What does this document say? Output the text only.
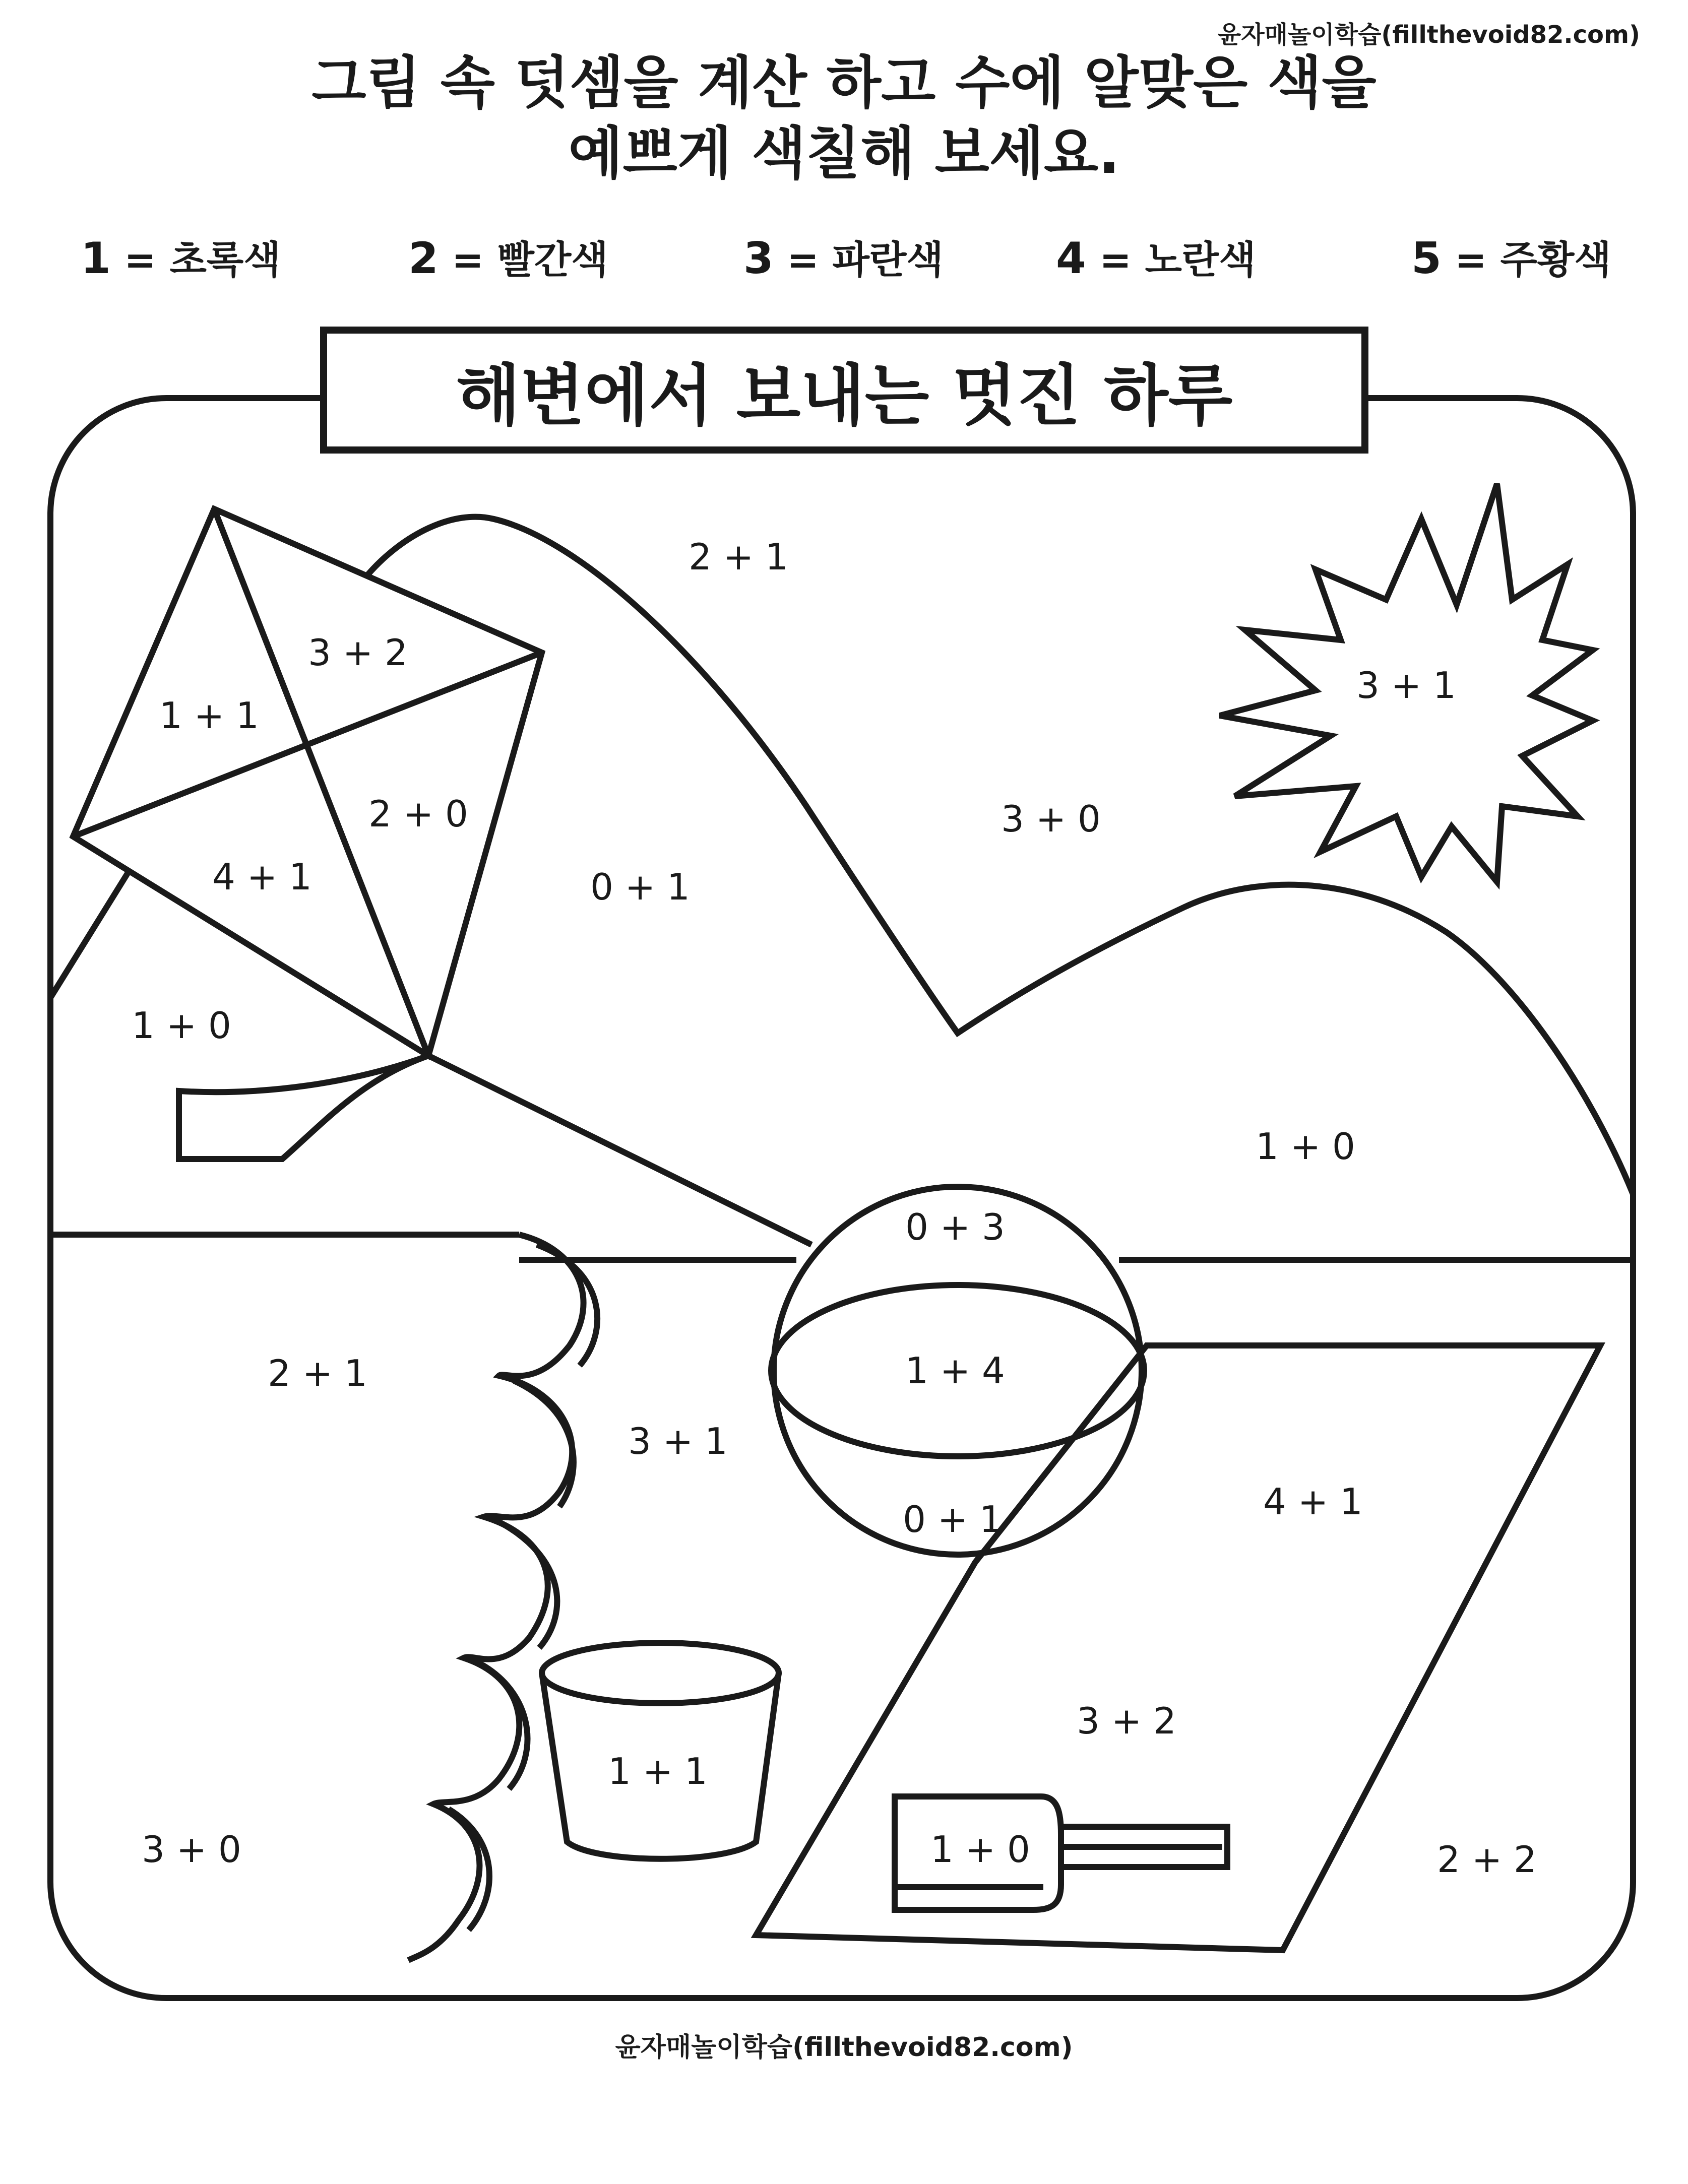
윤자매놀이학습(fillthevoid82.com)
그림 속 덧셈을 계산 하고 수에 알맞은 색을
예쁘게 색칠해 보세요.
1 = 초록색	2 = 빨간색	3 = 파란색	4 = 노란색	5 = 주황색
2 + 1
3 + 2
1 + 1
2 + 0
4 + 1
3 + 1
3 + 0
0 + 1
1 + 0
1 + 0
0 + 3
1 + 4
0 + 1
2 + 1
3 + 1
4 + 1
3 + 2
1 + 1
1 + 0
3 + 0	2 + 2
해변에서 보내는 멋진 하루
윤자매놀이학습(fillthevoid82.com)
